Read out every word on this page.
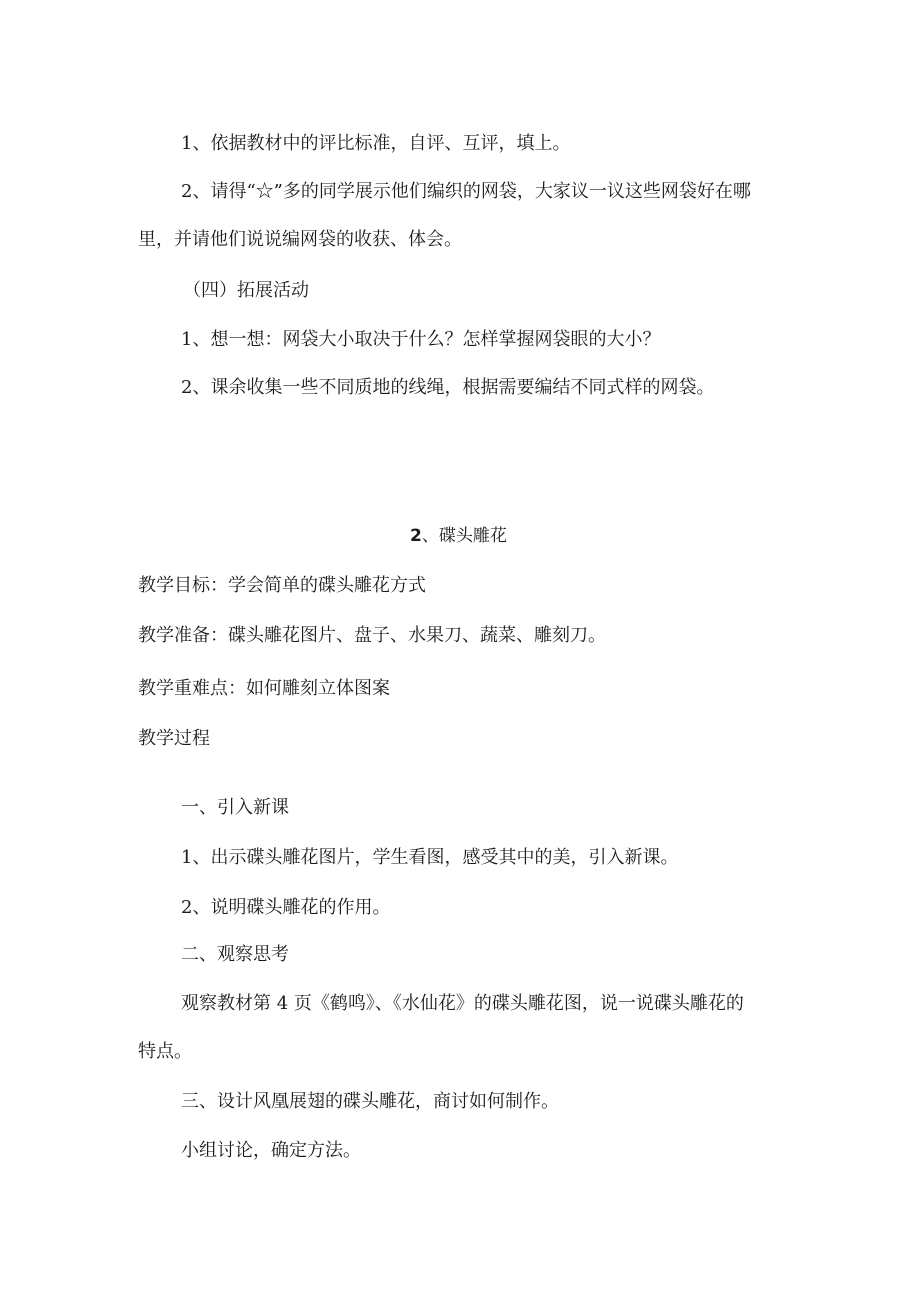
1、依据教材中的评比标准，自评、互评，填上。
2、请得“☆”多的同学展示他们编织的网袋，大家议一议这些网袋好在哪
里，并请他们说说编网袋的收获、体会。
（四）拓展活动
1、想一想：网袋大小取决于什么？怎样掌握网袋眼的大小？
2、课余收集一些不同质地的线绳，根据需要编结不同式样的网袋。
2、碟头雕花
教学目标：学会简单的碟头雕花方式
教学准备：碟头雕花图片、盘子、水果刀、蔬菜、雕刻刀。
教学重难点：如何雕刻立体图案
教学过程
一、引入新课
1、出示碟头雕花图片，学生看图，感受其中的美，引入新课。
2、说明碟头雕花的作用。
二、观察思考
观察教材第 4 页《鹤鸣》、《水仙花》的碟头雕花图，说一说碟头雕花的
特点。
三、设计风凰展翅的碟头雕花，商讨如何制作。
小组讨论，确定方法。
